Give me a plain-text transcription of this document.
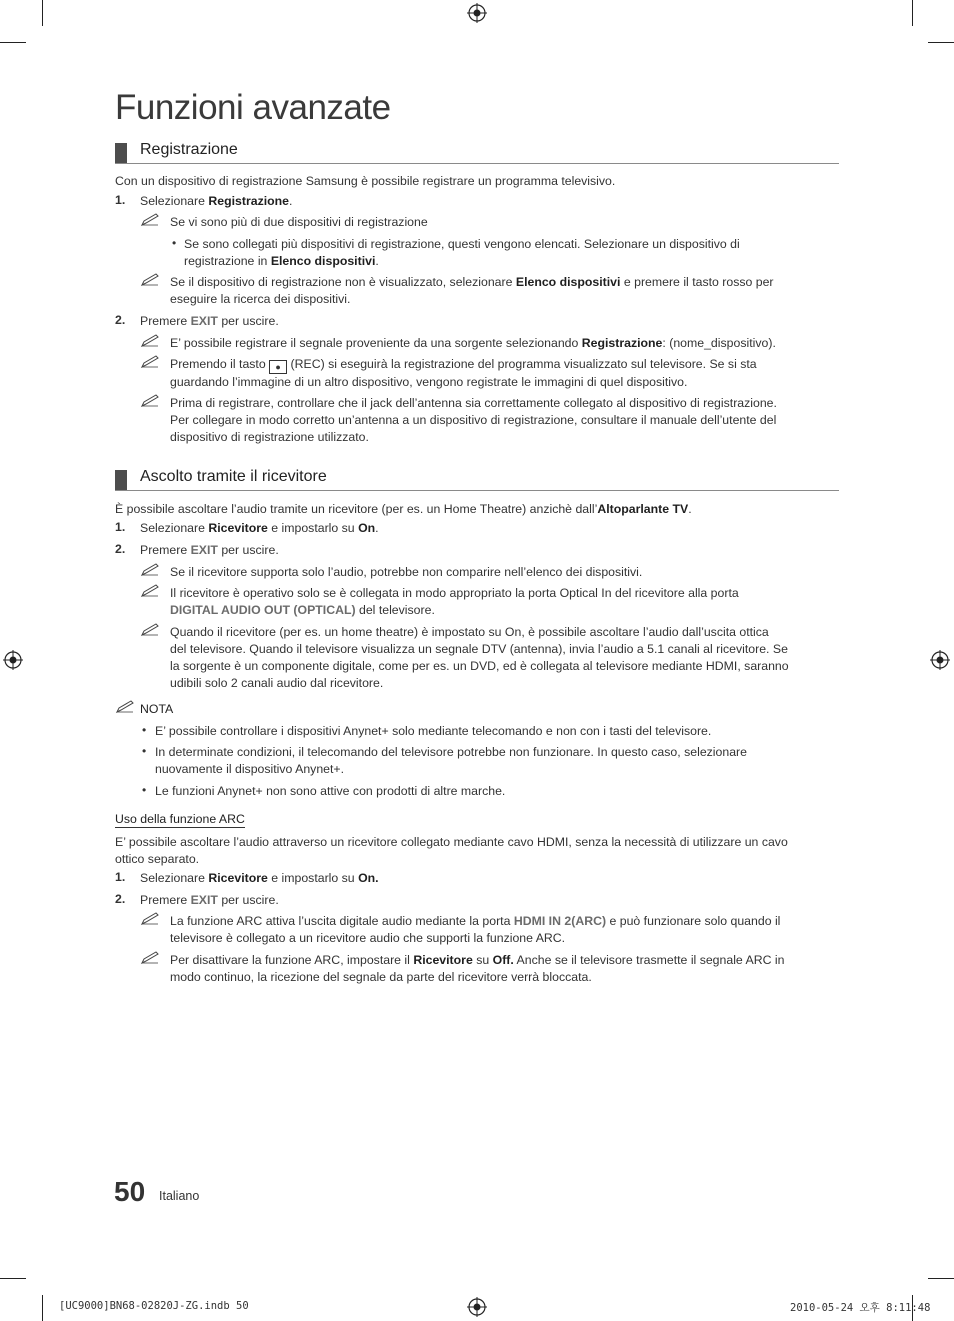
Funzioni avanzate
Registrazione
Con un dispositivo di registrazione Samsung è possibile registrare un programma televisivo.
1. Selezionare Registrazione.
Se vi sono più di due dispositivi di registrazione
• Se sono collegati più dispositivi di registrazione, questi vengono elencati. Selezionare un dispositivo di
registrazione in Elenco dispositivi.
Se il dispositivo di registrazione non è visualizzato, selezionare Elenco dispositivi e premere il tasto rosso per
eseguire la ricerca dei dispositivi.
2. Premere EXIT per uscire.
E’ possibile registrare il segnale proveniente da una sorgente selezionando Registrazione: (nome_dispositivo).
Premendo il tasto ● (REC) si eseguirà la registrazione del programma visualizzato sul televisore. Se si sta
guardando l’immagine di un altro dispositivo, vengono registrate le immagini di quel dispositivo.
Prima di registrare, controllare che il jack dell’antenna sia correttamente collegato al dispositivo di registrazione.
Per collegare in modo corretto un’antenna a un dispositivo di registrazione, consultare il manuale dell’utente del
dispositivo di registrazione utilizzato.
Ascolto tramite il ricevitore
È possibile ascoltare l’audio tramite un ricevitore (per es. un Home Theatre) anzichè dall’Altoparlante TV.
1. Selezionare Ricevitore e impostarlo su On.
2. Premere EXIT per uscire.
Se il ricevitore supporta solo l’audio, potrebbe non comparire nell’elenco dei dispositivi.
Il ricevitore è operativo solo se è collegata in modo appropriato la porta Optical In del ricevitore alla porta
DIGITAL AUDIO OUT (OPTICAL) del televisore.
Quando il ricevitore (per es. un home theatre) è impostato su On, è possibile ascoltare l’audio dall’uscita ottica
del televisore. Quando il televisore visualizza un segnale DTV (antenna), invia l’audio a 5.1 canali al ricevitore. Se
la sorgente è un componente digitale, come per es. un DVD, ed è collegata al televisore mediante HDMI, saranno
udibili solo 2 canali audio dal ricevitore.
NOTA
• E’ possibile controllare i dispositivi Anynet+ solo mediante telecomando e non con i tasti del televisore.
• In determinate condizioni, il telecomando del televisore potrebbe non funzionare. In questo caso, selezionare
nuovamente il dispositivo Anynet+.
• Le funzioni Anynet+ non sono attive con prodotti di altre marche.
Uso della funzione ARC
E’ possibile ascoltare l’audio attraverso un ricevitore collegato mediante cavo HDMI, senza la necessità di utilizzare un cavo
ottico separato.
1. Selezionare Ricevitore e impostarlo su On.
2. Premere EXIT per uscire.
La funzione ARC attiva l’uscita digitale audio mediante la porta HDMI IN 2(ARC) e può funzionare solo quando il
televisore è collegato a un ricevitore audio che supporti la funzione ARC.
Per disattivare la funzione ARC, impostare il Ricevitore su Off. Anche se il televisore trasmette il segnale ARC in
modo continuo, la ricezione del segnale da parte del ricevitore verrà bloccata.
50 Italiano
[UC9000]BN68-02820J-ZG.indb 50	2010-05-24 오후 8:11:48
